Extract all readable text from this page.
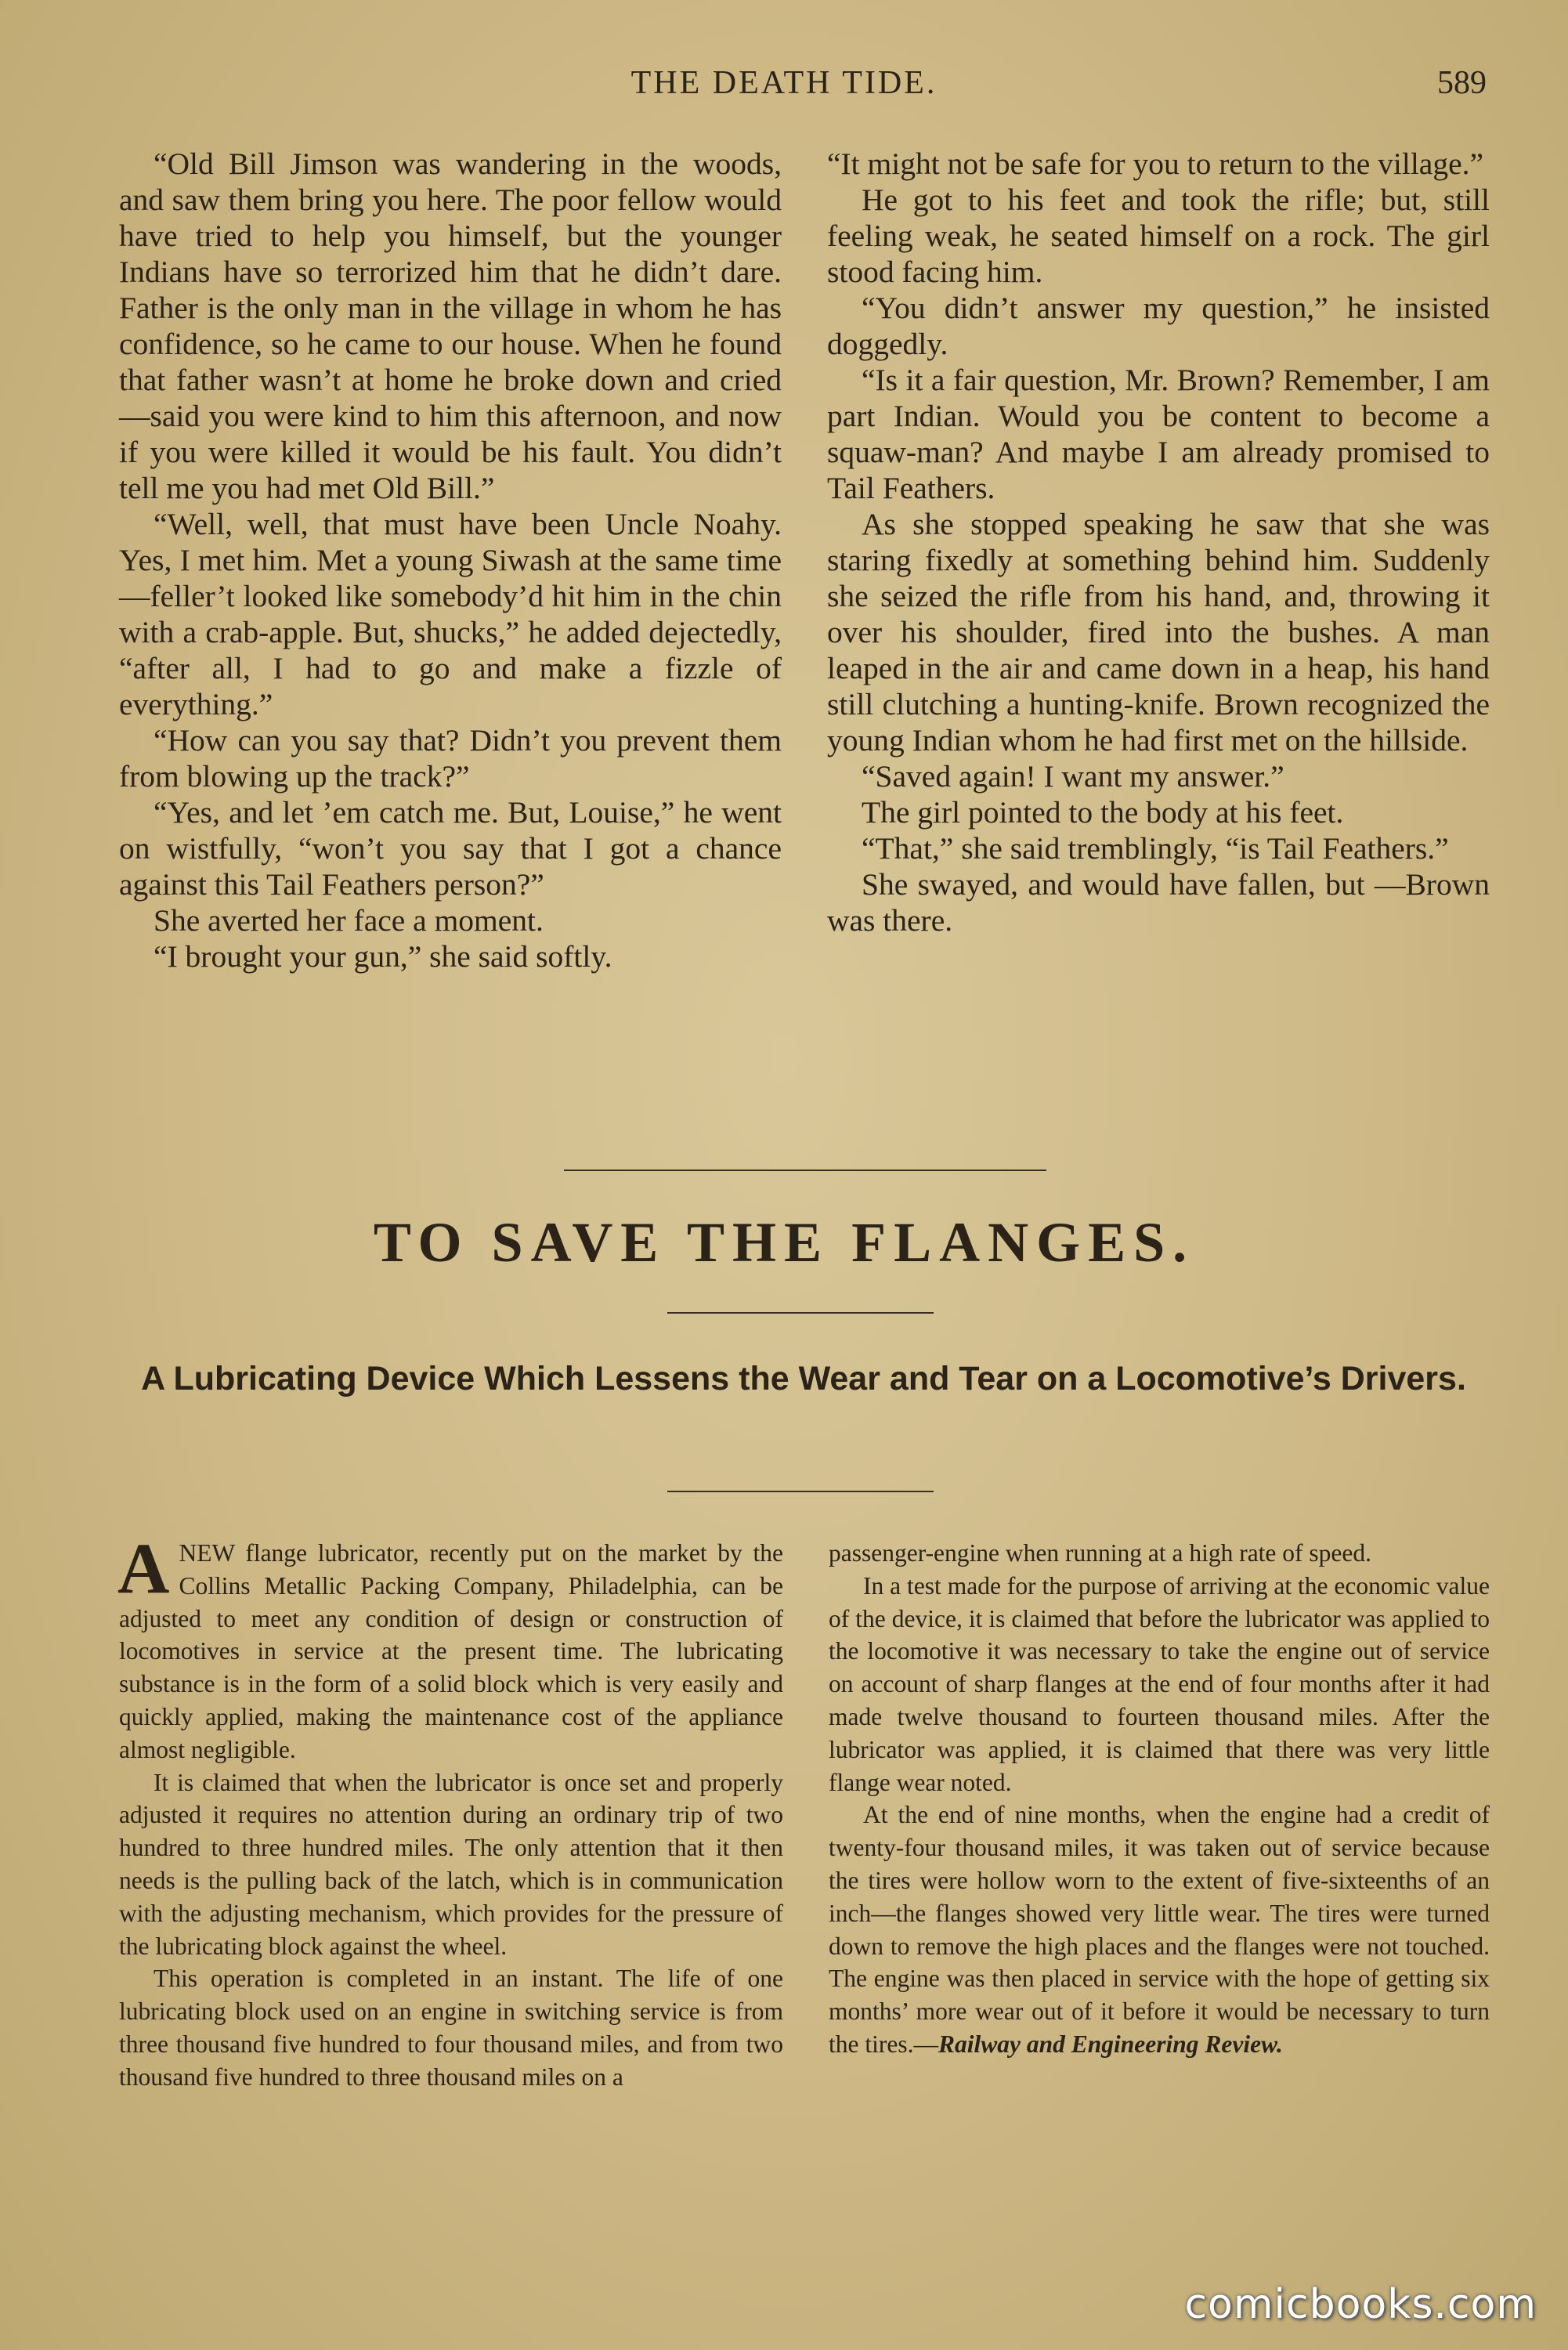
THE DEATH TIDE.	589

“Old Bill Jimson was wandering in the woods, and saw them bring you here. The poor fellow would have tried to help you himself, but the younger Indians have so terrorized him that he didn’t dare. Father is the only man in the village in whom he has confidence, so he came to our house. When he found that father wasn’t at home he broke down and cried—said you were kind to him this afternoon, and now if you were killed it would be his fault. You didn’t tell me you had met Old Bill.”

“Well, well, that must have been Uncle Noahy. Yes, I met him. Met a young Siwash at the same time—feller’t looked like somebody’d hit him in the chin with a crab-apple. But, shucks,” he added dejectedly, “after all, I had to go and make a fizzle of everything.”

“How can you say that? Didn’t you prevent them from blowing up the track?”

“Yes, and let ’em catch me. But, Louise,” he went on wistfully, “won’t you say that I got a chance against this Tail Feathers person?”

She averted her face a moment.

“I brought your gun,” she said softly.

“It might not be safe for you to return to the village.”

He got to his feet and took the rifle; but, still feeling weak, he seated himself on a rock. The girl stood facing him.

“You didn’t answer my question,” he insisted doggedly.

“Is it a fair question, Mr. Brown? Remember, I am part Indian. Would you be content to become a squaw-man? And maybe I am already promised to Tail Feathers.

As she stopped speaking he saw that she was staring fixedly at something behind him. Suddenly she seized the rifle from his hand, and, throwing it over his shoulder, fired into the bushes. A man leaped in the air and came down in a heap, his hand still clutching a hunting-knife. Brown recognized the young Indian whom he had first met on the hillside.

“Saved again! I want my answer.”

The girl pointed to the body at his feet.

“That,” she said tremblingly, “is Tail Feathers.”

She swayed, and would have fallen, but —Brown was there.

TO SAVE THE FLANGES.
A Lubricating Device Which Lessens the Wear and Tear on a Locomotive’s Drivers.

ANEW flange lubricator, recently put on the market by the Collins Metallic Packing Company, Philadelphia, can be adjusted to meet any condition of design or construction of locomotives in service at the present time. The lubricating substance is in the form of a solid block which is very easily and quickly applied, making the maintenance cost of the appliance almost negligible.

It is claimed that when the lubricator is once set and properly adjusted it requires no attention during an ordinary trip of two hundred to three hundred miles. The only attention that it then needs is the pulling back of the latch, which is in communication with the adjusting mechanism, which provides for the pressure of the lubricating block against the wheel.

This operation is completed in an instant. The life of one lubricating block used on an engine in switching service is from three thousand five hundred to four thousand miles, and from two thousand five hundred to three thousand miles on a

passenger-engine when running at a high rate of speed.

In a test made for the purpose of arriving at the economic value of the device, it is claimed that before the lubricator was applied to the locomotive it was necessary to take the engine out of service on account of sharp flanges at the end of four months after it had made twelve thousand to fourteen thousand miles. After the lubricator was applied, it is claimed that there was very little flange wear noted.

At the end of nine months, when the engine had a credit of twenty-four thousand miles, it was taken out of service because the tires were hollow worn to the extent of five-sixteenths of an inch—the flanges showed very little wear. The tires were turned down to remove the high places and the flanges were not touched. The engine was then placed in service with the hope of getting six months’ more wear out of it before it would be necessary to turn the tires.—Railway and Engineering Review.

comicbooks.com
